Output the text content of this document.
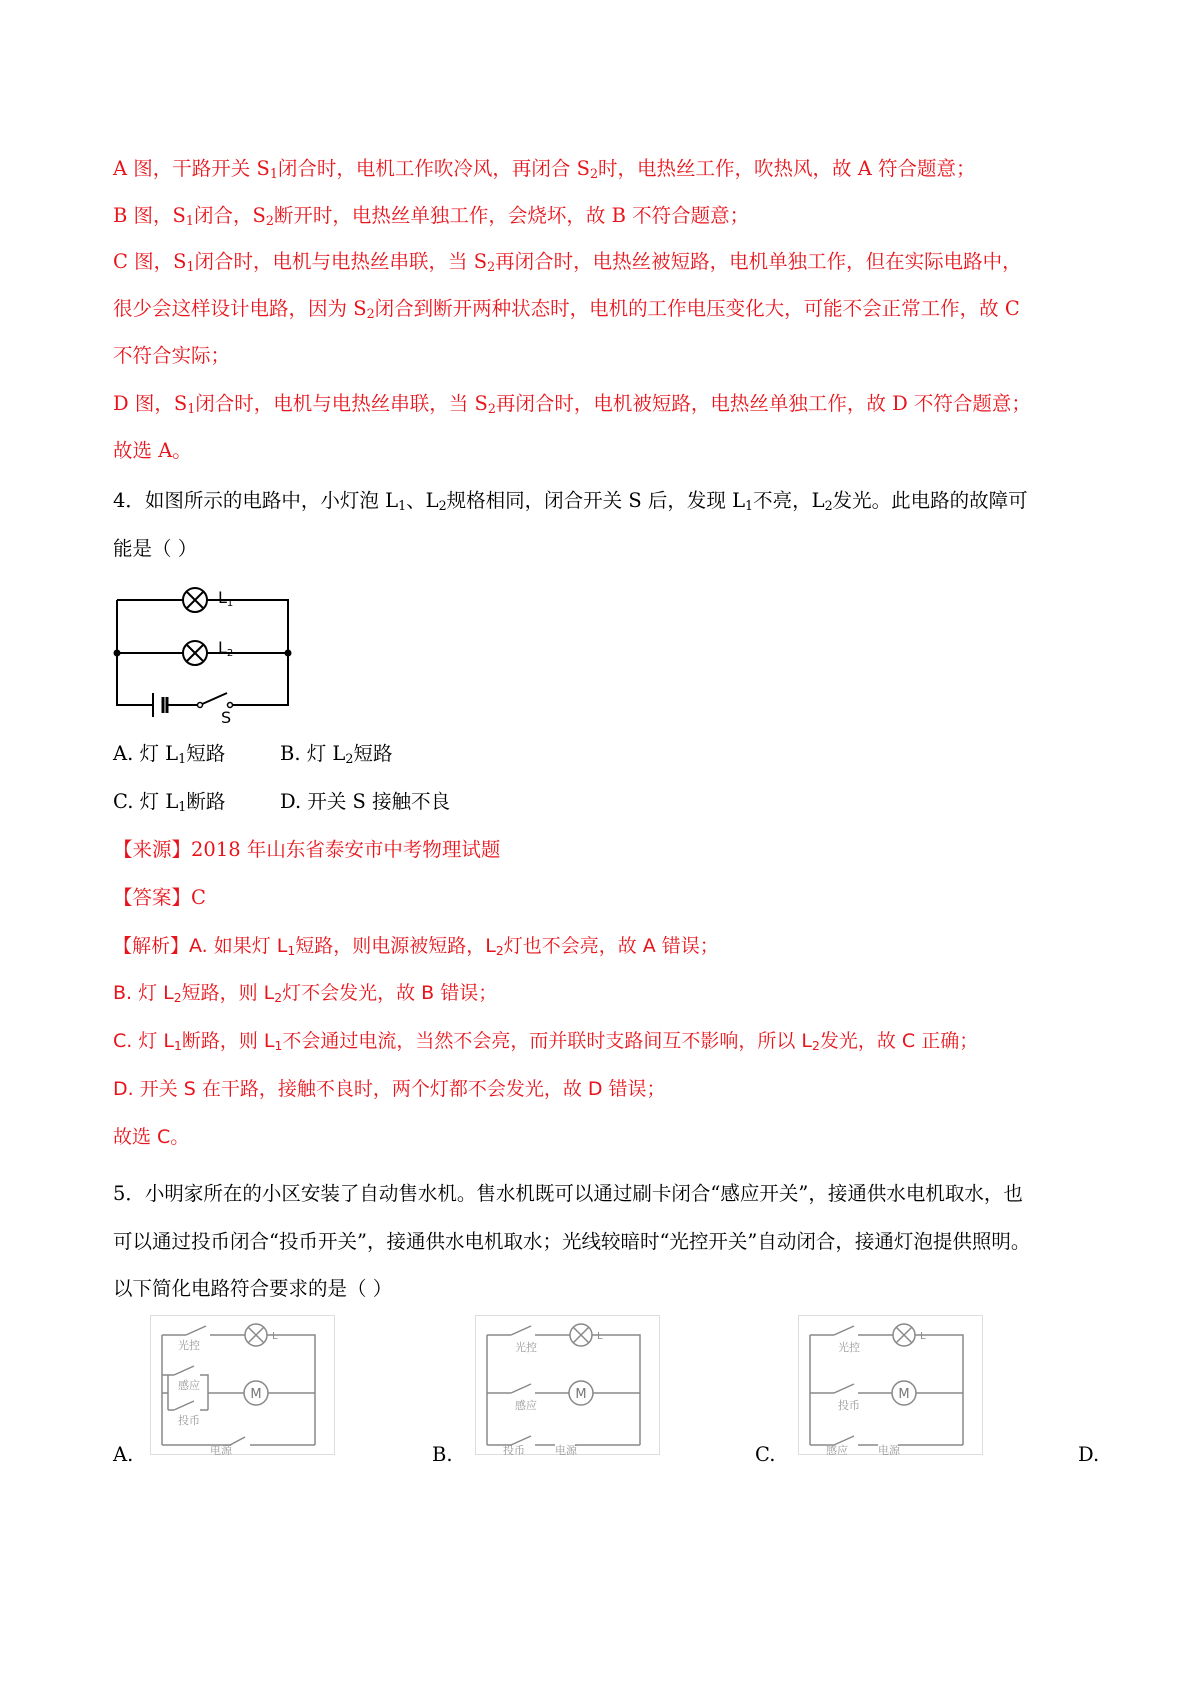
A 图，干路开关 $S_1$闭合时，电机工作吹冷风，再闭合 $S_2$时，电热丝工作，吹热风，故 A 符合题意；
B 图，$S_1$闭合，$S_2$断开时，电热丝单独工作，会烧坏，故 B 不符合题意；
C 图，$S_1$闭合时，电机与电热丝串联，当 $S_2$再闭合时，电热丝被短路，电机单独工作，但在实际电路中，
很少会这样设计电路，因为 $S_2$闭合到断开两种状态时，电机的工作电压变化大，可能不会正常工作，故 C
不符合实际；
D 图，$S_1$闭合时，电机与电热丝串联，当 $S_2$再闭合时，电机被短路，电热丝单独工作，故 D 不符合题意；
故选 A。
4．如图所示的电路中，小灯泡 $L_1$、$L_2$规格相同，闭合开关 S 后，发现 $L_1$不亮，$L_2$发光。此电路的故障可
能是（ ）
L1
L2
S
A. 灯 $L_1$短路	B. 灯 $L_2$短路
C. 灯 $L_1$断路	D. 开关 S 接触不良
【来源】2018 年山东省泰安市中考物理试题
【答案】C
【解析】A. 如果灯 $L_1$短路，则电源被短路，$L_2$灯也不会亮，故 A 错误；
B. 灯 $L_2$短路，则 $L_2$灯不会发光，故 B 错误；
C. 灯 $L_1$断路，则 $L_1$不会通过电流，当然不会亮，而并联时支路间互不影响，所以 $L_2$发光，故 C 正确；
D. 开关 S 在干路，接触不良时，两个灯都不会发光，故 D 错误；
故选 C。
5．小明家所在的小区安装了自动售水机。售水机既可以通过刷卡闭合“感应开关”，接通供水电机取水，也
可以通过投币闭合“投币开关”，接通供水电机取水；光线较暗时“光控开关”自动闭合，接通灯泡提供照明。
以下简化电路符合要求的是（ ）
M
L
光控
感应
投币
电源
A.
M
L
光控
感应
投币	电源
B.
M
L
光控
投币
感应	电源
C.	D.
